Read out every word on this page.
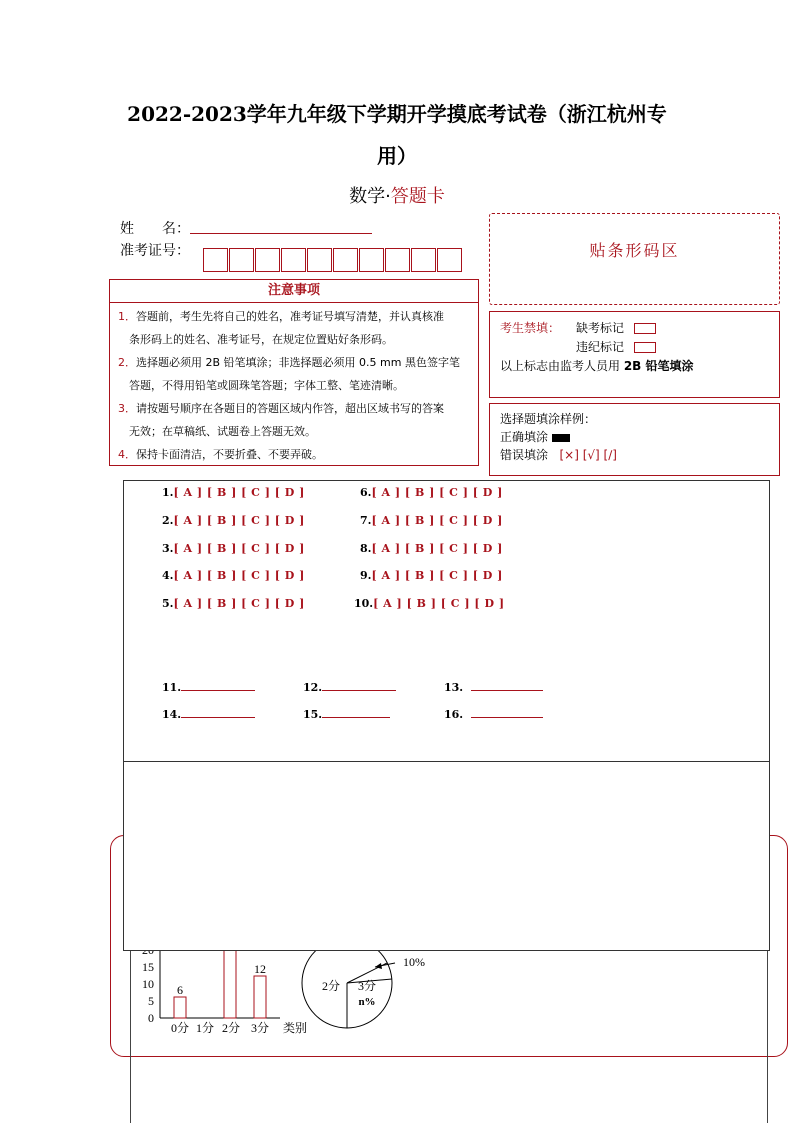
2022-2023学年九年级下学期开学摸底考试卷（浙江杭州专
用）
数学·答题卡
姓　　名：
准考证号：	贴条形码区
注意事项
1．答题前，考生先将自己的姓名，准考证号填写清楚，并认真核准
条形码上的姓名、准考证号，在规定位置贴好条形码。
2．选择题必须用 2B 铅笔填涂；非选择题必须用 0.5 mm 黑色签字笔
答题，不得用铅笔或圆珠笔答题；字体工整、笔迹清晰。
3．请按题号顺序在各题目的答题区域内作答，超出区域书写的答案
无效；在草稿纸、试题卷上答题无效。
4．保持卡面清洁，不要折叠、不要弄破。
考生禁填： 缺考标记
违纪标记
以上标志由监考人员用 2B 铅笔填涂
选择题填涂样例：
正确填涂
错误填涂 [×] [√] [∕]
0
5
10
15
6
12
0分 1分 2分 3分 类别
10%
2分 3分
n%
1.[ A ] [ B ] [ C ] [ D ]
2.[ A ] [ B ] [ C ] [ D ]
3.[ A ] [ B ] [ C ] [ D ]
4.[ A ] [ B ] [ C ] [ D ]
5.[ A ] [ B ] [ C ] [ D ]
6.[ A ] [ B ] [ C ] [ D ]
7.[ A ] [ B ] [ C ] [ D ]
8.[ A ] [ B ] [ C ] [ D ]
9.[ A ] [ B ] [ C ] [ D ]
10.[ A ] [ B ] [ C ] [ D ]
11.	12.	13.
14.	15.	16.
